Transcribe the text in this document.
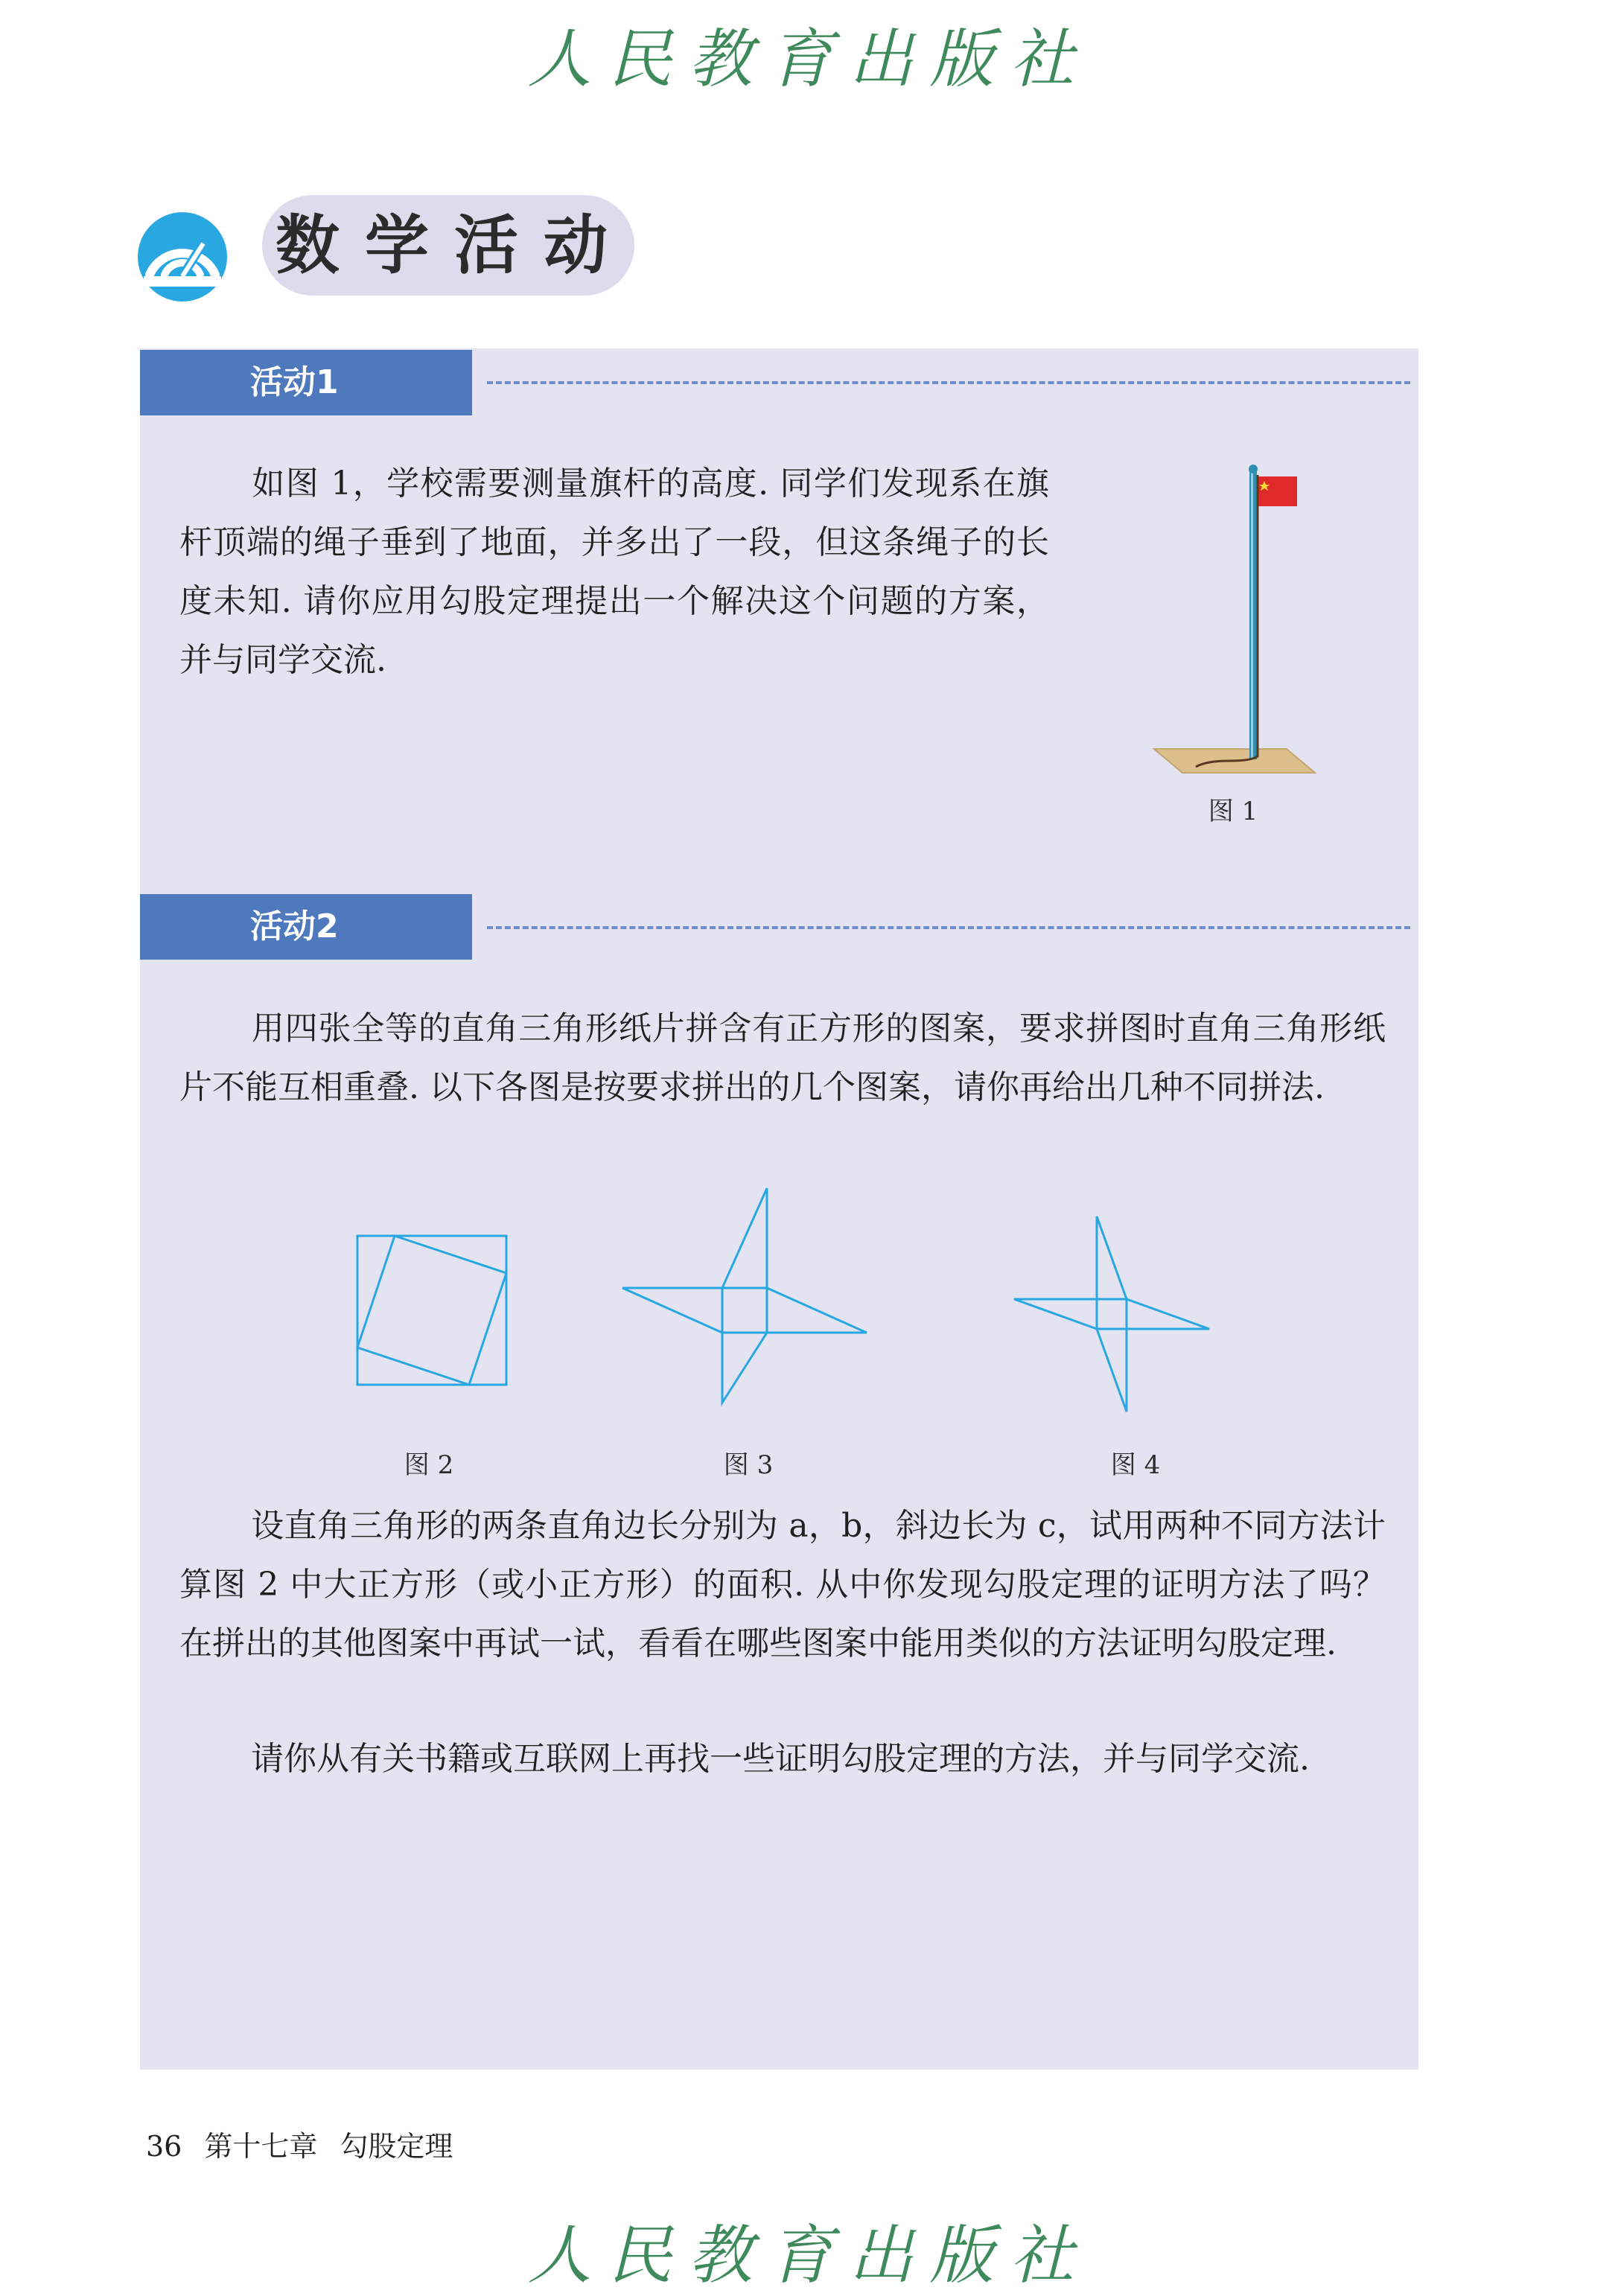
人民教育出版社
数学活动
活动1

如图 1，学校需要测量旗杆的高度. 同学们发现系在旗杆顶端的绳子垂到了地面，并多出了一段，但这条绳子的长度未知. 请你应用勾股定理提出一个解决这个问题的方案，并与同学交流.

图 1
活动2

用四张全等的直角三角形纸片拼含有正方形的图案，要求拼图时直角三角形纸片不能互相重叠. 以下各图是按要求拼出的几个图案，请你再给出几种不同拼法.

图 2	图 3	图 4

设直角三角形的两条直角边长分别为 a，b，斜边长为 c，试用两种不同方法计算图 2 中大正方形（或小正方形）的面积. 从中你发现勾股定理的证明方法了吗？在拼出的其他图案中再试一试，看看在哪些图案中能用类似的方法证明勾股定理.

请你从有关书籍或互联网上再找一些证明勾股定理的方法，并与同学交流.

36 第十七章 勾股定理
人民教育出版社
